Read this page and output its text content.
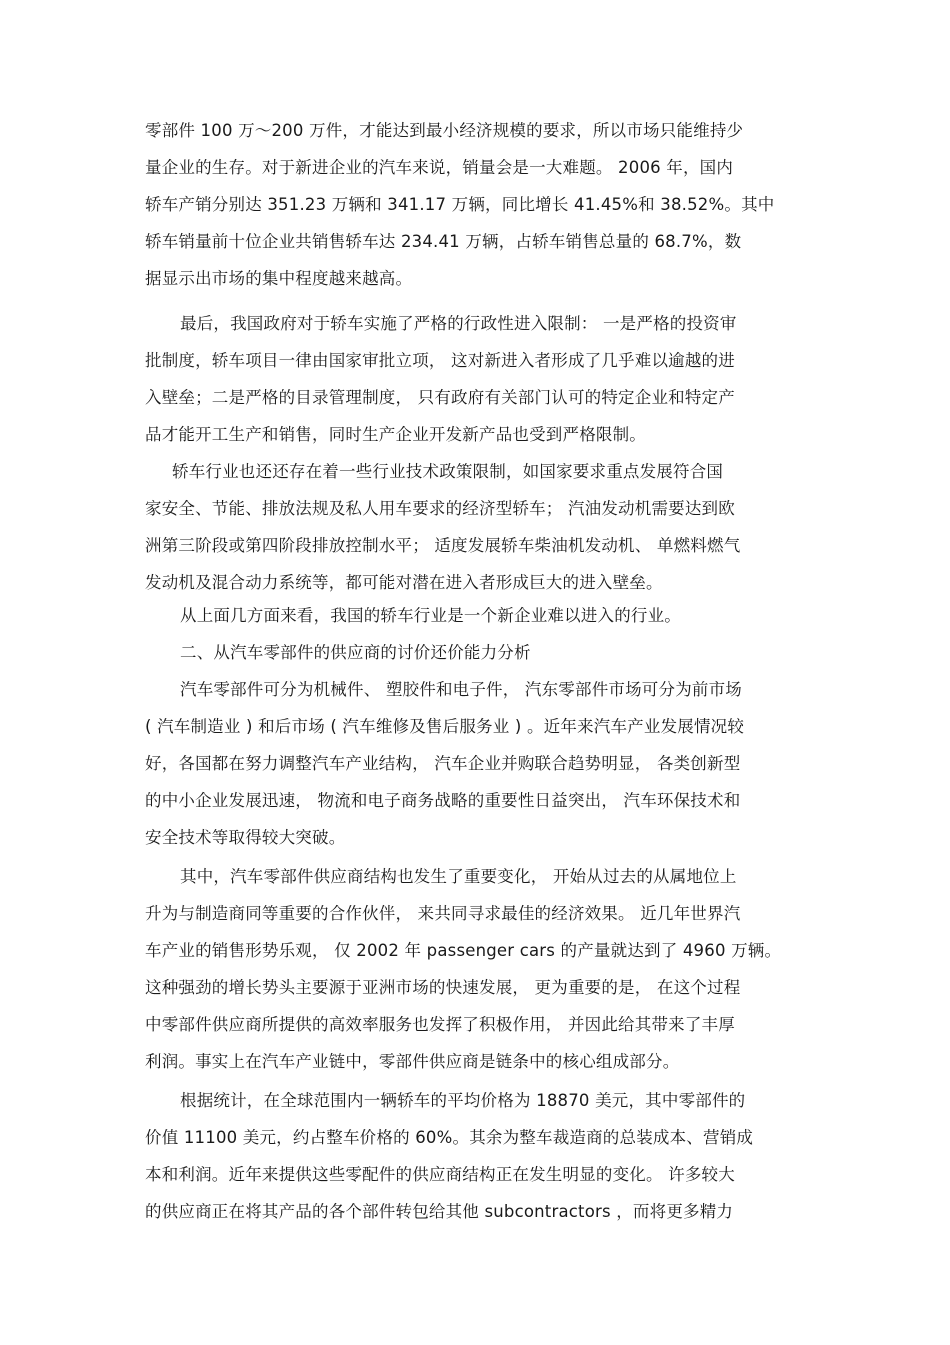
零部件 100 万～200 万件，才能达到最小经济规模的要求，所以市场只能维持少
量企业的生存。对于新进企业的汽车来说，销量会是一大难题。 2006 年，国内
轿车产销分别达 351.23 万辆和 341.17 万辆，同比增长 41.45%和 38.52%。其中
轿车销量前十位企业共销售轿车达 234.41 万辆，占轿车销售总量的 68.7%，数
据显示出市场的集中程度越来越高。
最后，我国政府对于轿车实施了严格的行政性进入限制： 一是严格的投资审
批制度，轿车项目一律由国家审批立项， 这对新进入者形成了几乎难以逾越的进
入壁垒；二是严格的目录管理制度， 只有政府有关部门认可的特定企业和特定产
品才能开工生产和销售，同时生产企业开发新产品也受到严格限制。
轿车行业也还还存在着一些行业技术政策限制，如国家要求重点发展符合国
家安全、节能、排放法规及私人用车要求的经济型轿车； 汽油发动机需要达到欧
洲第三阶段或第四阶段排放控制水平； 适度发展轿车柴油机发动机、 单燃料燃气
发动机及混合动力系统等，都可能对潜在进入者形成巨大的进入壁垒。
从上面几方面来看，我国的轿车行业是一个新企业难以进入的行业。
二、从汽车零部件的供应商的讨价还价能力分析
汽车零部件可分为机械件、 塑胶件和电子件， 汽东零部件市场可分为前市场
( 汽车制造业 ) 和后市场 ( 汽车维修及售后服务业 ) 。近年来汽车产业发展情况较
好，各国都在努力调整汽车产业结构， 汽车企业并购联合趋势明显， 各类创新型
的中小企业发展迅速， 物流和电子商务战略的重要性日益突出， 汽车环保技术和
安全技术等取得较大突破。
其中，汽车零部件供应商结构也发生了重要变化， 开始从过去的从属地位上
升为与制造商同等重要的合作伙伴， 来共同寻求最佳的经济效果。 近几年世界汽
车产业的销售形势乐观， 仅 2002 年 passenger cars 的产量就达到了 4960 万辆。
这种强劲的增长势头主要源于亚洲市场的快速发展， 更为重要的是， 在这个过程
中零部件供应商所提供的高效率服务也发挥了积极作用， 并因此给其带来了丰厚
利润。事实上在汽车产业链中，零部件供应商是链条中的核心组成部分。
根据统计，在全球范围内一辆轿车的平均价格为 18870 美元，其中零部件的
价值 11100 美元，约占整车价格的 60%。其余为整车裁造商的总装成本、营销成
本和利润。近年来提供这些零配件的供应商结构正在发生明显的变化。 许多较大
的供应商正在将其产品的各个部件转包给其他 subcontractors ，而将更多精力
